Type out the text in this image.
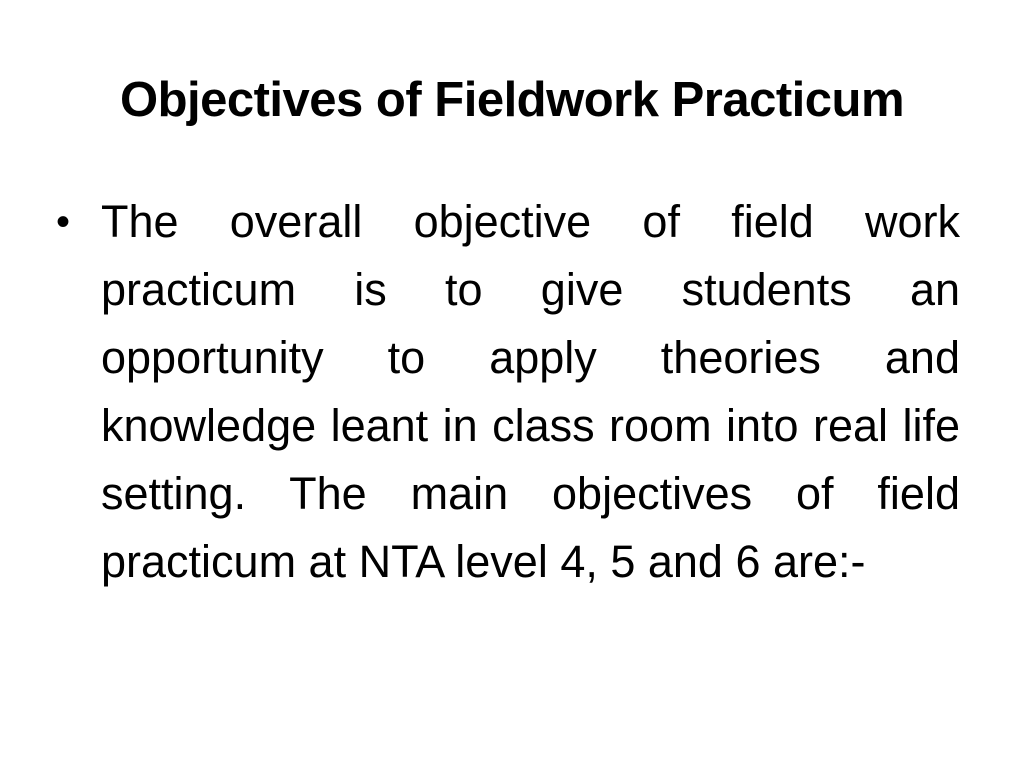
Objectives of Fieldwork Practicum
• The overall objective of field work practicum is to give students an opportunity to apply theories and knowledge leant in class room into real life setting. The main objectives of field practicum at NTA level 4, 5 and 6 are:-
